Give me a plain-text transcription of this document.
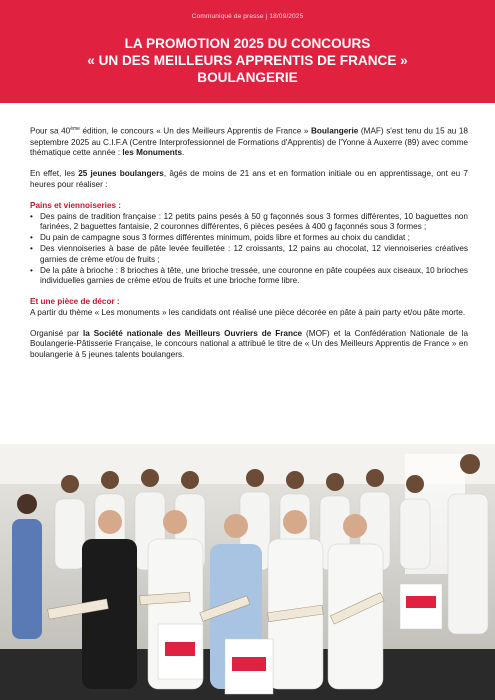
Communiqué de presse | 18/09/2025
LA PROMOTION 2025 DU CONCOURS
« UN DES MEILLEURS APPRENTIS DE FRANCE »
BOULANGERIE

Pour sa 40ème édition, le concours « Un des Meilleurs Apprentis de France » Boulangerie (MAF) s'est tenu du 15 au 18 septembre 2025 au C.I.F.A (Centre Interprofessionnel de Formations d'Apprentis) de l'Yonne à Auxerre (89) avec comme thématique cette année : les Monuments.

En effet, les 25 jeunes boulangers, âgés de moins de 21 ans et en formation initiale ou en apprentissage, ont eu 7 heures pour réaliser :

Pains et viennoiseries :

• Des pains de tradition française : 12 petits pains pesés à 50 g façonnés sous 3 formes différentes, 10 baguettes non farinées, 2 baguettes fantaisie, 2 couronnes différentes, 6 pièces pesées à 400 g façonnés sous 3 formes ;
• Du pain de campagne sous 3 formes différentes minimum, poids libre et formes au choix du candidat ;
• Des viennoiseries à base de pâte levée feuilletée : 12 croissants, 12 pains au chocolat, 12 viennoiseries créatives garnies de crème et/ou de fruits ;
• De la pâte à brioche : 8 brioches à tête, une brioche tressée, une couronne en pâte coupées aux ciseaux, 10 brioches individuelles garnies de crème et/ou de fruits et une brioche forme libre.

Et une pièce de décor :

A partir du thème « Les monuments » les candidats ont réalisé une pièce décorée en pâte à pain party et/ou pâte morte.

Organisé par la Société nationale des Meilleurs Ouvriers de France (MOF) et la Confédération Nationale de la Boulangerie-Pâtisserie Française, le concours national a attribué le titre de « Un des Meilleurs Apprentis de France » en boulangerie à 5 jeunes talents boulangers.
